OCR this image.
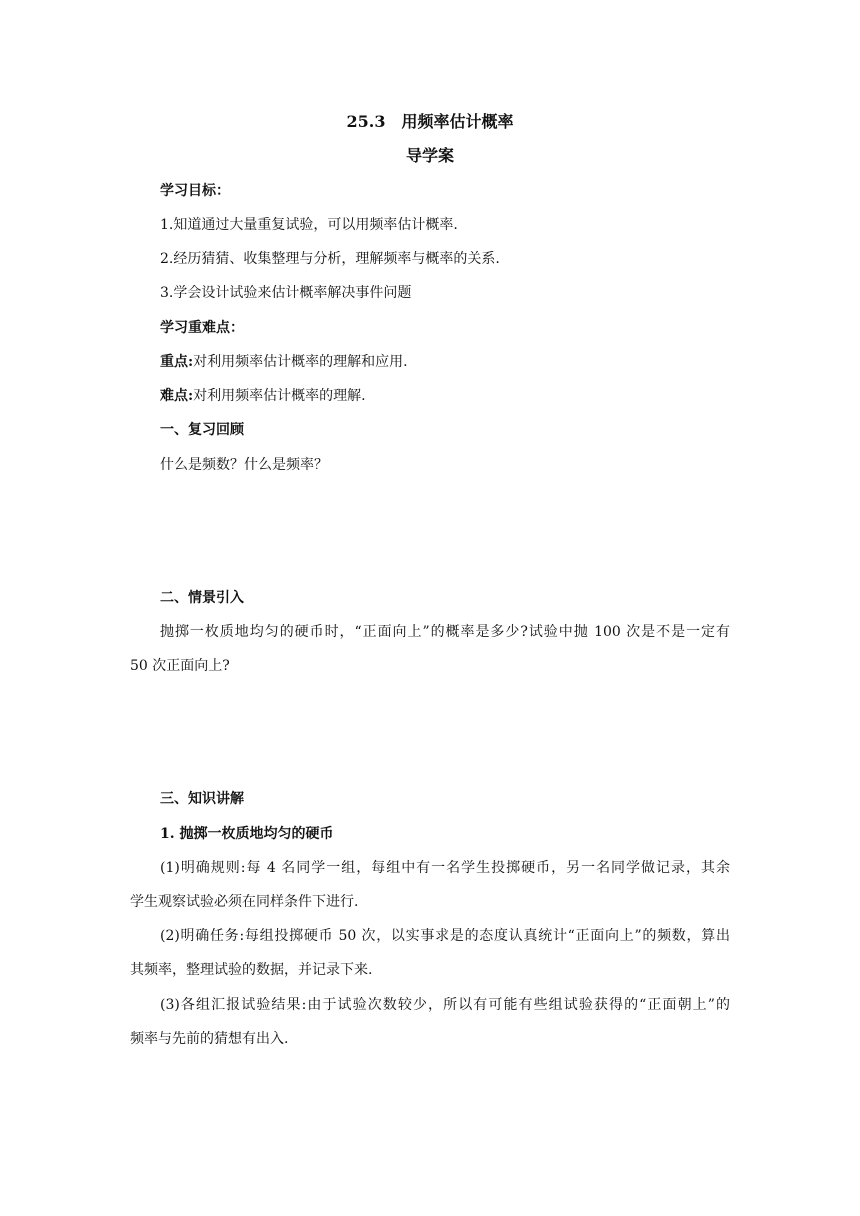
25.3　用频率估计概率
导学案
学习目标：
1.知道通过大量重复试验，可以用频率估计概率.
2.经历猜猜、收集整理与分析，理解频率与概率的关系.
3.学会设计试验来估计概率解决事件问题
学习重难点：
重点:对利用频率估计概率的理解和应用.
难点:对利用频率估计概率的理解.
一、复习回顾
什么是频数？什么是频率？
二、情景引入
抛掷一枚质地均匀的硬币时，“正面向上”的概率是多少?试验中抛 100 次是不是一定有
50 次正面向上?
三、知识讲解
1. 抛掷一枚质地均匀的硬币
(1)明确规则:每 4 名同学一组，每组中有一名学生投掷硬币，另一名同学做记录，其余
学生观察试验必须在同样条件下进行.
(2)明确任务:每组投掷硬币 50 次，以实事求是的态度认真统计“正面向上”的频数，算出
其频率，整理试验的数据，并记录下来.
(3)各组汇报试验结果:由于试验次数较少，所以有可能有些组试验获得的“正面朝上”的
频率与先前的猜想有出入.
